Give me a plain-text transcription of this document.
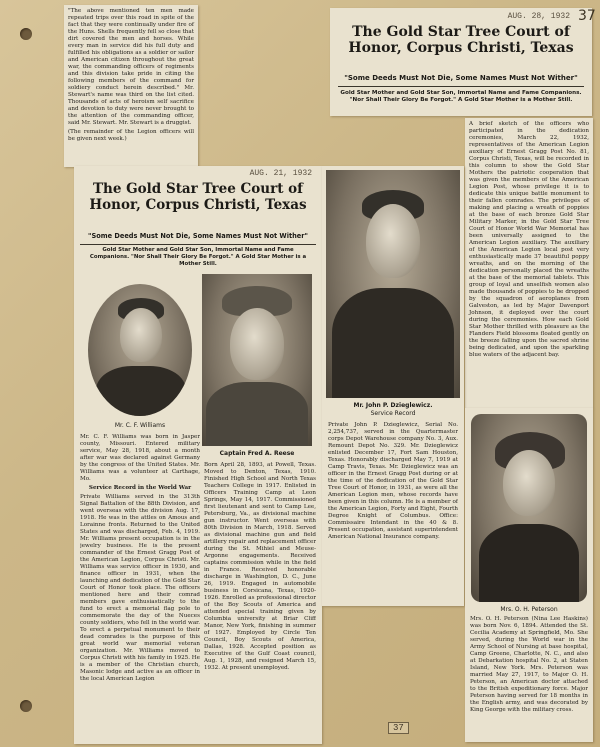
"The above mentioned ten men made repeated trips over this road in spite of the fact that they were continually under fire of the Huns. Shells frequently fell so close that dirt covered the men and horses. While every man in service did his full duty and fulfilled his obligations as a soldier or sailor and American citizen throughout the great war, the commanding officers of regiments and this division take pride in citing the following members of the command for soldiery conduct herein described." Mr. Stewart's name was third on the list cited. Thousands of acts of heroism self sacrifice and devotion to duty were never brought to the attention of the commanding officer, said Mr. Stewart. Mr. Stewart is a druggist.

(The remainder of the Legion officers will be given next week.)

AUG. 28, 1932

The Gold Star Tree Court of Honor, Corpus Christi, Texas

"Some Deeds Must Not Die, Some Names Must Not Wither"

Gold Star Mother and Gold Star Son, Immortal Name and Fame Companions. "Nor Shall Their Glory Be Forgot." A Gold Star Mother is a Mother Still.

37

A brief sketch of the officers who participated in the dedication ceremonies, March 22, 1932, representatives of the American Legion auxiliary of Ernest Gragg Post No. 81, Corpus Christi, Texas, will be recorded in this column to show the Gold Star Mothers the patriotic cooperation that was given the members of the American Legion Post, whose privilege it is to dedicate this unique battle monument to their fallen comrades. The privileges of making and placing a wreath of poppies at the base of each bronze Gold Star Military Marker, in the Gold Star Tree Court of Honor World War Memorial has been universally assigned to the American Legion auxiliary. The auxiliary of the American Legion local post very enthusiastically made 37 beautiful poppy wreaths, and on the morning of the dedication personally placed the wreaths at the base of the memorial tablets. This group of loyal and unselfish women also made thousands of poppies to be dropped by the squadron of aeroplanes from Galveston, as led by Major Davenport Johnson, it deployed over the court during the ceremonies. How each Gold Star Mother thrilled with pleasure as the Flanders Field blossoms floated gently on the breeze falling upon the sacred shrine being dedicated, and upon the sparkling blue waters of the adjacent bay.

AUG. 21, 1932

The Gold Star Tree Court of Honor, Corpus Christi, Texas

"Some Deeds Must Not Die, Some Names Must Not Wither"

Gold Star Mother and Gold Star Son, Immortal Name and Fame Companions. "Nor Shall Their Glory Be Forgot." A Gold Star Mother is a Mother Still.

Mr. C. F. Williams

Captain Fred A. Reese

Mr. C. F. Williams was born in Jasper county, Missouri. Entered military service, May 28, 1918, about a month after war was declared against Germany by the congress of the United States. Mr. Williams was a volunteer at Carthage, Mo.

Service Record in the World War

Private Williams served in the 313th Signal Battalion of the 88th Division, and went overseas with the division Aug. 17, 1918. He was in the attles on Amous and Lorainne fronts. Returned to the United States and was discharged, Feb. 4, 1919. Mr. Williams present occupation is in the jewelry business. He is the present commander of the Ernest Gragg Post of the American Legion, Corpus Christi. Mr. Williams was service officer in 1930, and finance officer in 1931, when the launching and dedication of the Gold Star Court of Honor took place. The officers mentioned here and their comrad members gave enthusiastically to the fund to erect a memorial flag pole to commemorate the day of the Nueces county soldiers, who fell in the world war. To erect a perpetual monument to their dead comrades is the purpose of this great world war memorial veteran organization. Mr. Williams moved to Corpus Christi with his family in 1925. He is a member of the Christian church, Masonic lodge and active as an officer in the local American Legion

Born April 28, 1893, at Powell, Texas. Moved to Denton, Texas, 1910. Finished High School and North Texas Teachers College in 1917. Enlisted in Officers Training Camp at Leon Springs, May 14, 1917. Commissioned first lieutenant and sent to Camp Lee, Petersburg, Va., as divisional machine gun instructor. Went overseas with 80th Division in March, 1918. Served as divisional machine gun and field artillery repair and replacement officer during the St. Mihiel and Meuse-Argonne engagements. Received captains commission while in the field in France. Received honorable discharge in Washington, D. C., June 26, 1919. Engaged in automobile business in Corsicana, Texas, 1920-1926. Enrolled as professional director of the Boy Scouts of America and attended special training given by Columbia university at Briar Cliff Manor, New York, finishing in summer of 1927. Employed by Circle Ten Council, Boy Scouts of America, Dallas, 1928. Accepted position as Executive of the Gulf Coast council, Aug. 1, 1928, and resigned March 15, 1932. At present unemployed.

Mr. John P. Dzieglewicz.

Service Record

Private John P. Dzieglewicz, Serial No. 2,254,737, served in the Quartermaster corps Depot Warehouse company No. 3, Aux. Remount Depot No. 329. Mr. Dzieglewicz enlisted December 17, Fort Sam Houston, Texas. Honorably discharged May 7, 1919 at Camp Travis, Texas. Mr. Dzieglewicz was an officer in the Ernest Gragg Post during or at the time of the dedication of the Gold Star Tree Court of Honor, in 1931, as were all the American Legion men, whose records have been given in this column. He is a member of the American Legion, Forty and Eight, Fourth Degree Knight of Columbus. Office: Commissaire Intendant in the 40 & 8. Present occupation, assistant superintendent American National Insurance company.

Mrs. O. H. Peterson

Mrs. O. H. Peterson (Nina Lee Haskins) was born Nov. 6, 1894. Attended the St. Cecilia Academy at Springfield, Mo. She served, during the World war in the Army School of Nursing at base hospital, Camp Greene, Charlotte, N. C., and also at Debarkation hospital No. 2, at Staten Island, New York. Mrs. Peterson was married May 27, 1917, to Major O. H. Peterson, an American doctor attached to the British expeditionary force. Major Peterson having served for 18 months in the English army, and was decorated by King George with the military cross.

37
